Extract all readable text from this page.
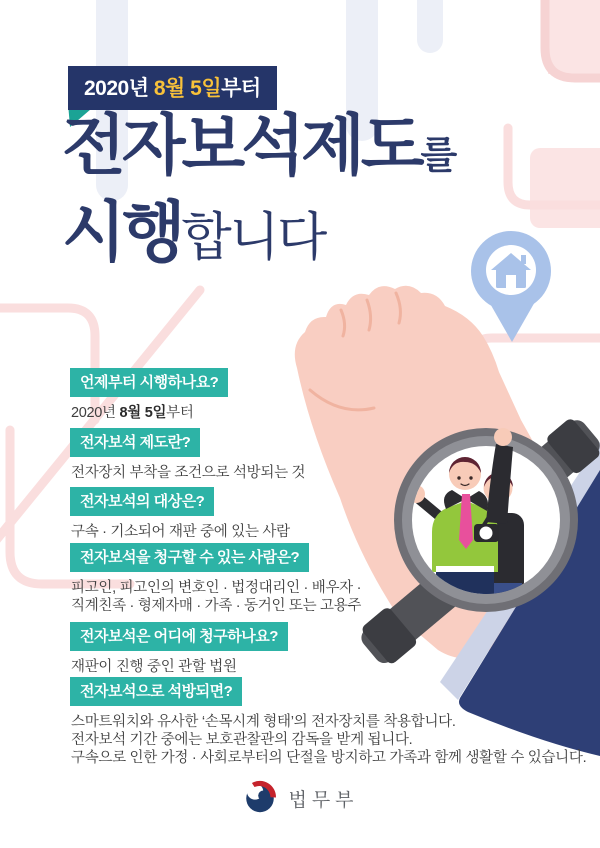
2020년 8월 5일부터
전자보석제도를
시행합니다
언제부터 시행하나요?
2020년 8월 5일부터
전자보석 제도란?
전자장치 부착을 조건으로 석방되는 것
전자보석의 대상은?
구속 · 기소되어 재판 중에 있는 사람
전자보석을 청구할 수 있는 사람은?
피고인, 피고인의 변호인 · 법정대리인 · 배우자 ·
직계친족 · 형제자매 · 가족 · 동거인 또는 고용주
전자보석은 어디에 청구하나요?
재판이 진행 중인 관할 법원
전자보석으로 석방되면?
스마트워치와 유사한 ‘손목시계 형태’의 전자장치를 착용합니다.
전자보석 기간 중에는 보호관찰관의 감독을 받게 됩니다.
구속으로 인한 가정 · 사회로부터의 단절을 방지하고 가족과 함께 생활할 수 있습니다.
법무부
